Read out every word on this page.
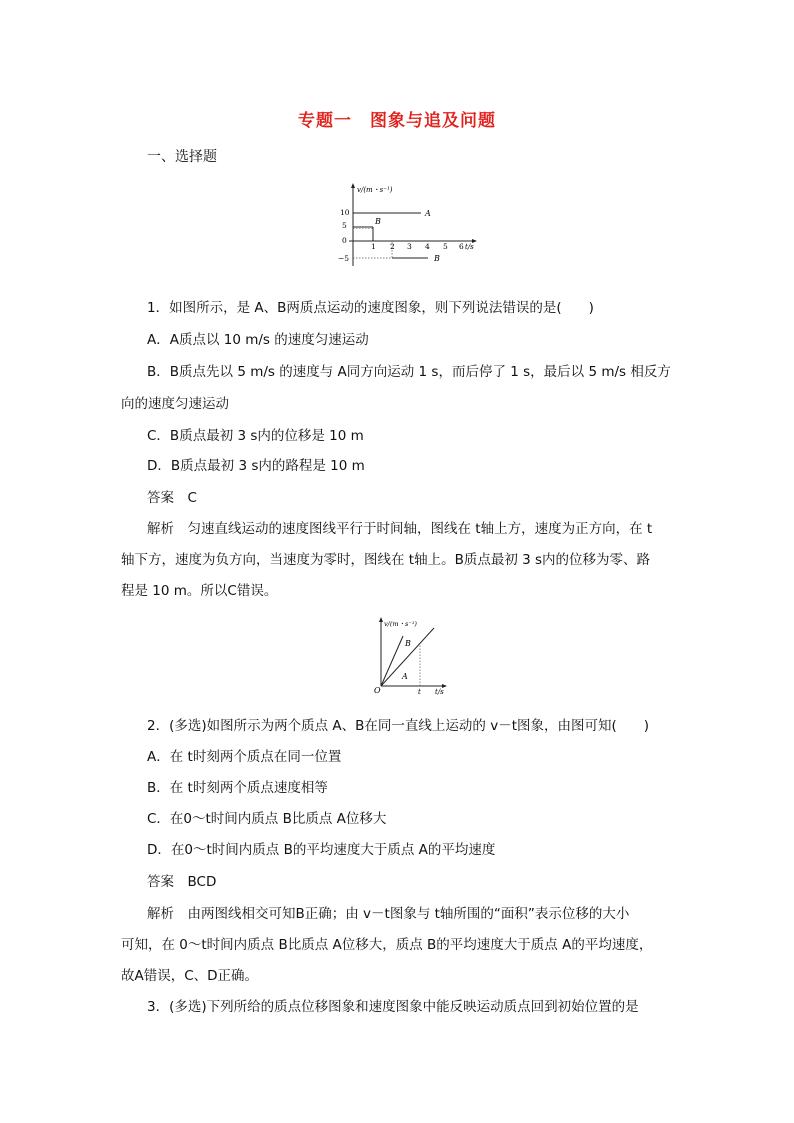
专题一　图象与追及问题
一、选择题
v/(m・s⁻¹)
t/s
10
5
0
−5
1 2 3 4 5 6
A
B
B
1．如图所示，是 A、B两质点运动的速度图象，则下列说法错误的是(　　)
A．A质点以 10 m/s 的速度匀速运动
B．B质点先以 5 m/s 的速度与 A同方向运动 1 s，而后停了 1 s，最后以 5 m/s 相反方
向的速度匀速运动
C．B质点最初 3 s内的位移是 10 m
D．B质点最初 3 s内的路程是 10 m
答案　C
解析　匀速直线运动的速度图线平行于时间轴，图线在 t轴上方，速度为正方向，在 t
轴下方，速度为负方向，当速度为零时，图线在 t轴上。B质点最初 3 s内的位移为零、路
程是 10 m。所以C错误。
v/(m・s⁻¹)
t/s
O	t
B
A
2．(多选)如图所示为两个质点 A、B在同一直线上运动的 v－t图象，由图可知(　　)
A．在 t时刻两个质点在同一位置
B．在 t时刻两个质点速度相等
C．在0～t时间内质点 B比质点 A位移大
D．在0～t时间内质点 B的平均速度大于质点 A的平均速度
答案　BCD
解析　由两图线相交可知B正确；由 v－t图象与 t轴所围的“面积”表示位移的大小
可知，在 0～t时间内质点 B比质点 A位移大，质点 B的平均速度大于质点 A的平均速度，
故A错误，C、D正确。
3．(多选)下列所给的质点位移图象和速度图象中能反映运动质点回到初始位置的是
